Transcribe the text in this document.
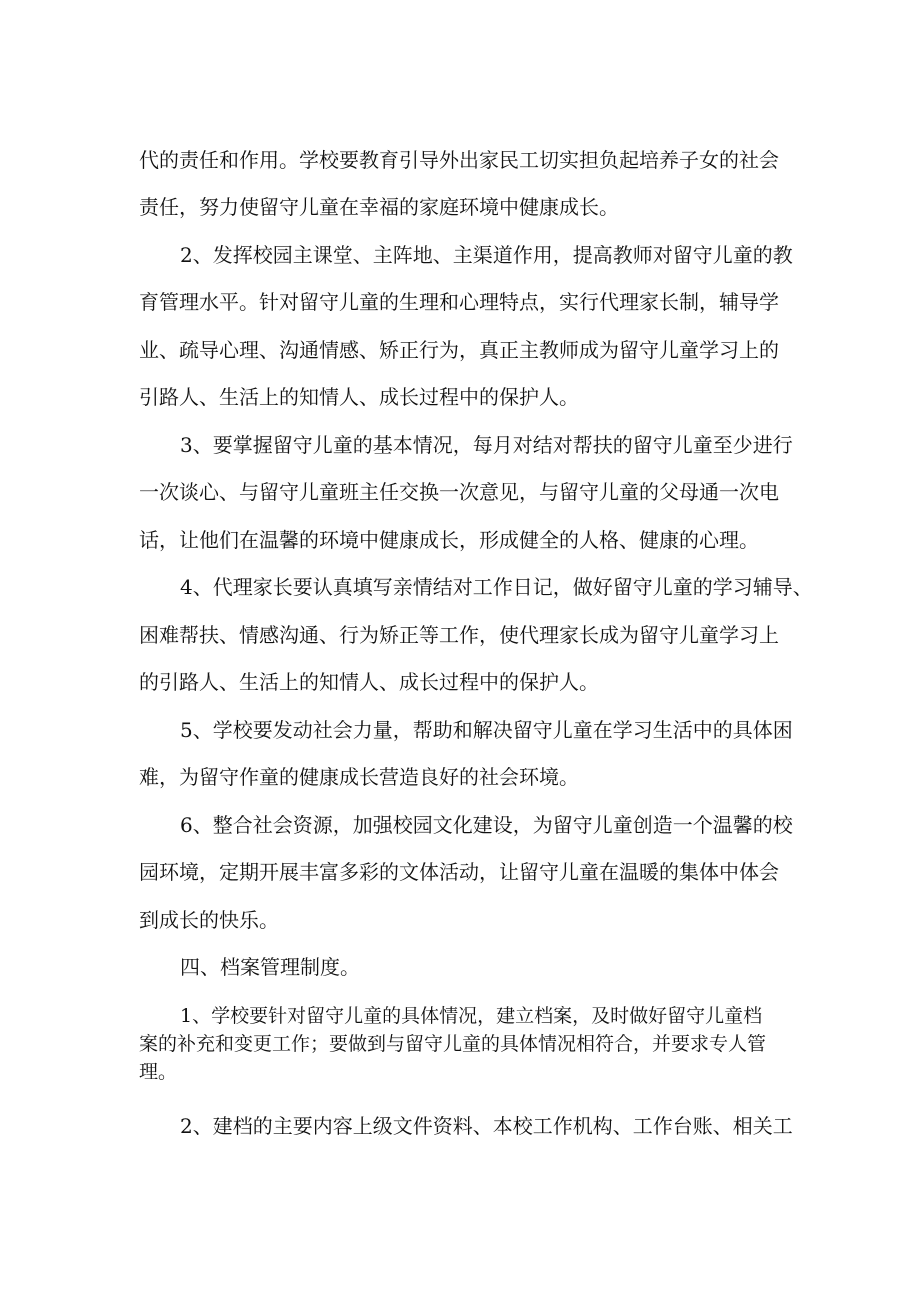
代的责任和作用。学校要教育引导外出家民工切实担负起培养子女的社会
责任，努力使留守儿童在幸福的家庭环境中健康成长。
2、发挥校园主课堂、主阵地、主渠道作用，提高教师对留守儿童的教
育管理水平。针对留守儿童的生理和心理特点，实行代理家长制，辅导学
业、疏导心理、沟通情感、矫正行为，真正主教师成为留守儿童学习上的
引路人、生活上的知情人、成长过程中的保护人。
3、要掌握留守儿童的基本情况，每月对结对帮扶的留守儿童至少进行
一次谈心、与留守儿童班主任交换一次意见，与留守儿童的父母通一次电
话，让他们在温馨的环境中健康成长，形成健全的人格、健康的心理。
4、代理家长要认真填写亲情结对工作日记，做好留守儿童的学习辅导、
困难帮扶、情感沟通、行为矫正等工作，使代理家长成为留守儿童学习上
的引路人、生活上的知情人、成长过程中的保护人。
5、学校要发动社会力量，帮助和解决留守儿童在学习生活中的具体困
难，为留守作童的健康成长营造良好的社会环境。
6、整合社会资源，加强校园文化建设，为留守儿童创造一个温馨的校
园环境，定期开展丰富多彩的文体活动，让留守儿童在温暖的集体中体会
到成长的快乐。
四、档案管理制度。
1、学校要针对留守儿童的具体情况，建立档案，及时做好留守儿童档
案的补充和变更工作；要做到与留守儿童的具体情况相符合，并要求专人管
理。
2、建档的主要内容上级文件资料、本校工作机构、工作台账、相关工
